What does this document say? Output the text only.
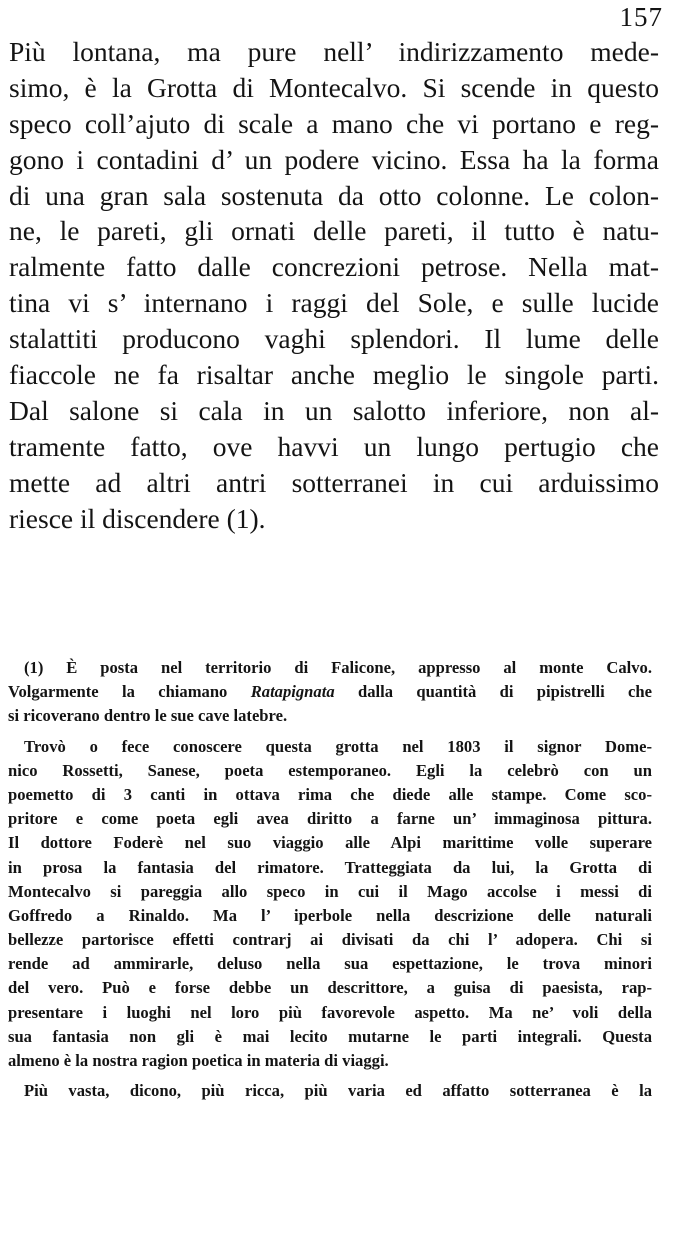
157

Più lontana, ma pure nell’ indirizzamento mede-
simo, è la Grotta di Montecalvo. Si scende in questo
speco coll’ajuto di scale a mano che vi portano e reg-
gono i contadini d’ un podere vicino. Essa ha la forma
di una gran sala sostenuta da otto colonne. Le colon-
ne, le pareti, gli ornati delle pareti, il tutto è natu-
ralmente fatto dalle concrezioni petrose. Nella mat-
tina vi s’ internano i raggi del Sole, e sulle lucide
stalattiti producono vaghi splendori. Il lume delle
fiaccole ne fa risaltar anche meglio le singole parti.
Dal salone si cala in un salotto inferiore, non al-
tramente fatto, ove havvi un lungo pertugio che
mette ad altri antri sotterranei in cui arduissimo
riesce il discendere (1).
(1) È posta nel territorio di Falicone, appresso al monte Calvo.
Volgarmente la chiamano Ratapignata dalla quantità di pipistrelli che
si ricoverano dentro le sue cave latebre.
Trovò o fece conoscere questa grotta nel 1803 il signor Dome-
nico Rossetti, Sanese, poeta estemporaneo. Egli la celebrò con un
poemetto di 3 canti in ottava rima che diede alle stampe. Come sco-
pritore e come poeta egli avea diritto a farne un’ immaginosa pittura.
Il dottore Foderè nel suo viaggio alle Alpi marittime volle superare
in prosa la fantasia del rimatore. Tratteggiata da lui, la Grotta di
Montecalvo si pareggia allo speco in cui il Mago accolse i messi di
Goffredo a Rinaldo. Ma l’ iperbole nella descrizione delle naturali
bellezze partorisce effetti contrarj ai divisati da chi l’ adopera. Chi si
rende ad ammirarle, deluso nella sua espettazione, le trova minori
del vero. Può e forse debbe un descrittore, a guisa di paesista, rap-
presentare i luoghi nel loro più favorevole aspetto. Ma ne’ voli della
sua fantasia non gli è mai lecito mutarne le parti integrali. Questa
almeno è la nostra ragion poetica in materia di viaggi.
Più vasta, dicono, più ricca, più varia ed affatto sotterranea è la
